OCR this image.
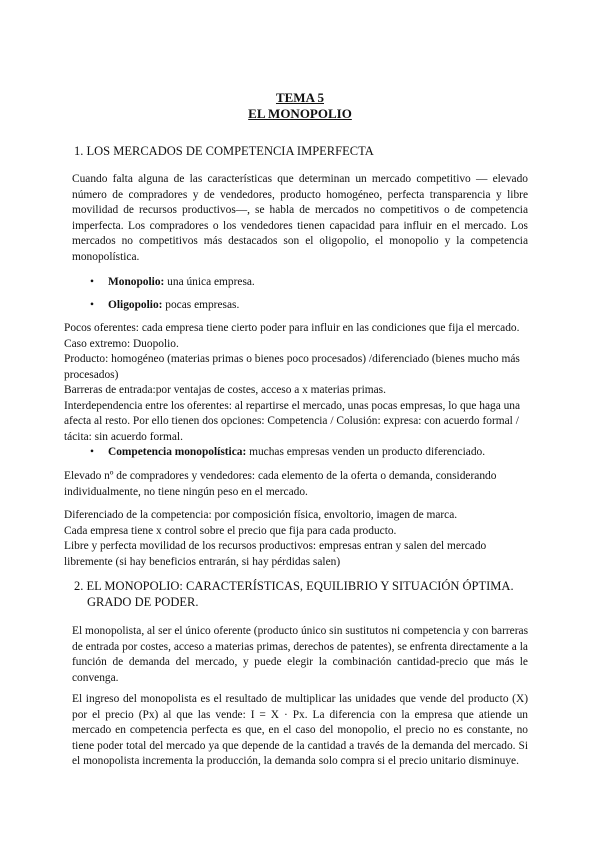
TEMA 5
EL MONOPOLIO
1. LOS MERCADOS DE COMPETENCIA IMPERFECTA

Cuando falta alguna de las características que determinan un mercado competitivo — elevado número de compradores y de vendedores, producto homogéneo, perfecta transparencia y libre movilidad de recursos productivos—, se habla de mercados no competitivos o de competencia imperfecta. Los compradores o los vendedores tienen capacidad para influir en el mercado. Los mercados no competitivos más destacados son el oligopolio, el monopolio y la competencia monopolística.

• Monopolio: una única empresa.
• Oligopolio: pocas empresas.

Pocos oferentes: cada empresa tiene cierto poder para influir en las condiciones que fija el mercado. Caso extremo: Duopolio.
Producto: homogéneo (materias primas o bienes poco procesados) /diferenciado (bienes mucho más procesados)
Barreras de entrada:por ventajas de costes, acceso a x materias primas.
Interdependencia entre los oferentes: al repartirse el mercado, unas pocas empresas, lo que haga una afecta al resto. Por ello tienen dos opciones: Competencia / Colusión: expresa: con acuerdo formal / tácita: sin acuerdo formal.

• Competencia monopolística: muchas empresas venden un producto diferenciado.

Elevado nº de compradores y vendedores: cada elemento de la oferta o demanda, considerando individualmente, no tiene ningún peso en el mercado.

Diferenciado de la competencia: por composición física, envoltorio, imagen de marca.
Cada empresa tiene x control sobre el precio que fija para cada producto.
Libre y perfecta movilidad de los recursos productivos: empresas entran y salen del mercado libremente (si hay beneficios entrarán, si hay pérdidas salen)

2. EL MONOPOLIO: CARACTERÍSTICAS, EQUILIBRIO Y SITUACIÓN ÓPTIMA.
GRADO DE PODER.

El monopolista, al ser el único oferente (producto único sin sustitutos ni competencia y con barreras de entrada por costes, acceso a materias primas, derechos de patentes), se enfrenta directamente a la función de demanda del mercado, y puede elegir la combinación cantidad-precio que más le convenga.

El ingreso del monopolista es el resultado de multiplicar las unidades que vende del producto (X) por el precio (Px) al que las vende: I = X · Px. La diferencia con la empresa que atiende un mercado en competencia perfecta es que, en el caso del monopolio, el precio no es constante, no tiene poder total del mercado ya que depende de la cantidad a través de la demanda del mercado. Si el monopolista incrementa la producción, la demanda solo compra si el precio unitario disminuye.
